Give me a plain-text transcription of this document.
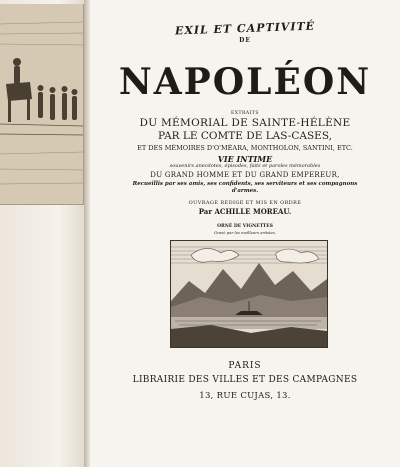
EXIL ET CAPTIVITÉ
DE
NAPOLÉON
EXTRAITS
DU MÉMORIAL DE SAINTE-HÉLÈNE
PAR LE COMTE DE LAS-CASES,
ET DES MÉMOIRES D'O'MÉARA, MONTHOLON, SANTINI, ETC.
VIE INTIME
souvenirs anecdotes, épisodes, faits et paroles mémorables
DU GRAND HOMME ET DU GRAND EMPEREUR,
Recueillis par ses amis, ses confidents, ses serviteurs et ses compagnons
d'armes.
OUVRAGE RÉDIGÉ ET MIS EN ORDRE
Par ACHILLE MOREAU.
ORNÉ DE VIGNETTES
Gravé par les meilleurs artistes.
PARIS
LIBRAIRIE DES VILLES ET DES CAMPAGNES
13, RUE CUJAS, 13.
